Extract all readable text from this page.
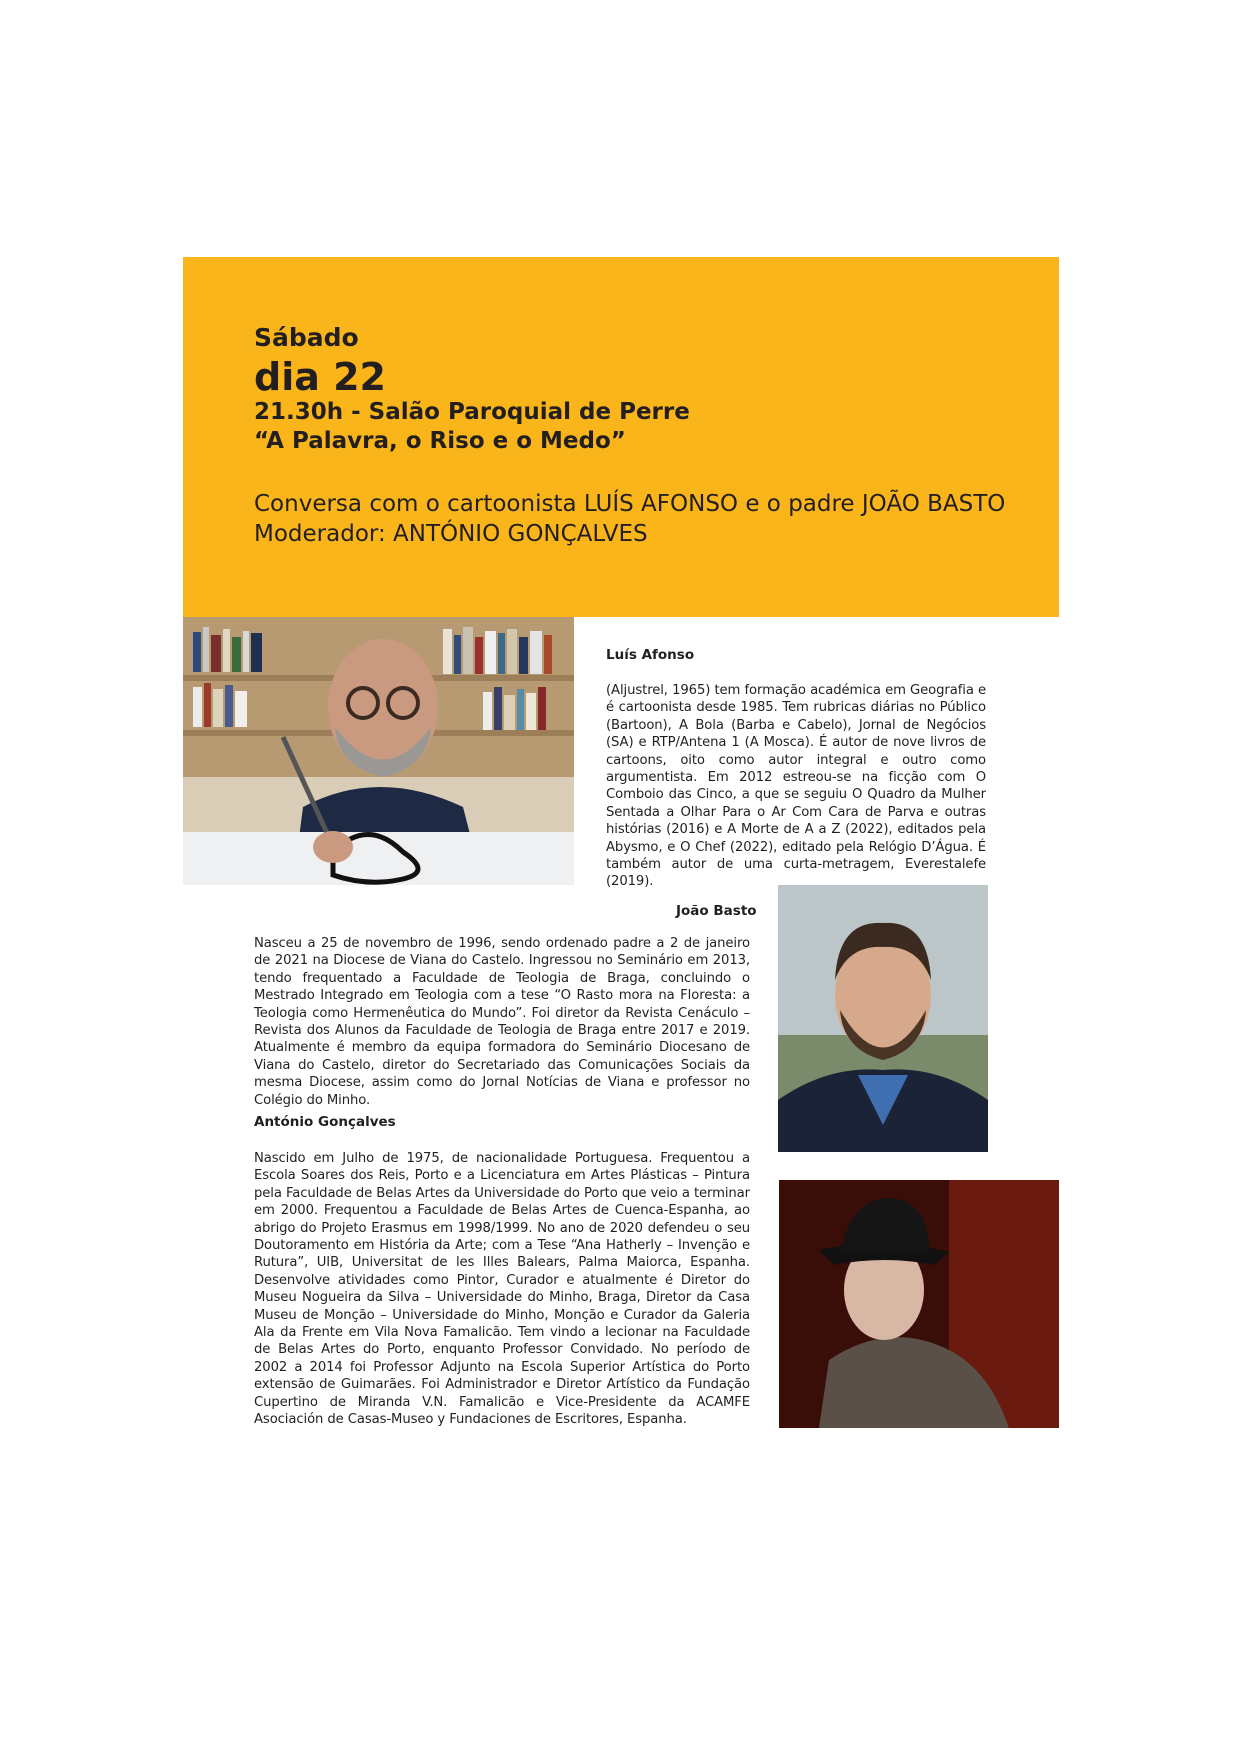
Sábado

dia 22

21.30h - Salão Paroquial de Perre

“A Palavra, o Riso e o Medo”

Conversa com o cartoonista LUÍS AFONSO e o padre JOÃO BASTO

Moderador: ANTÓNIO GONÇALVES

Luís Afonso

(Aljustrel, 1965) tem formação académica em Geografia e é cartoonista desde 1985. Tem rubricas diárias no Público (Bartoon), A Bola (Barba e Cabelo), Jornal de Negócios (SA) e RTP/Antena 1 (A Mosca). É autor de nove livros de cartoons, oito como autor integral e outro como argumentista. Em 2012 estreou-se na ficção com O Comboio das Cinco, a que se seguiu O Quadro da Mulher Sentada a Olhar Para o Ar Com Cara de Parva e outras histórias (2016) e A Morte de A a Z (2022), editados pela Abysmo, e O Chef (2022), editado pela Relógio D’Água. É também autor de uma curta-metragem, Everestalefe (2019).

João Basto

Nasceu a 25 de novembro de 1996, sendo ordenado padre a 2 de janeiro de 2021 na Diocese de Viana do Castelo. Ingressou no Seminário em 2013, tendo frequentado a Faculdade de Teologia de Braga, concluindo o Mestrado Integrado em Teologia com a tese “O Rasto mora na Floresta: a Teologia como Hermenêutica do Mundo”. Foi diretor da Revista Cenáculo – Revista dos Alunos da Faculdade de Teologia de Braga entre 2017 e 2019. Atualmente é membro da equipa formadora do Seminário Diocesano de Viana do Castelo, diretor do Secretariado das Comunicações Sociais da mesma Diocese, assim como do Jornal Notícias de Viana e professor no Colégio do Minho.

António Gonçalves

Nascido em Julho de 1975, de nacionalidade Portuguesa. Frequentou a Escola Soares dos Reis, Porto e a Licenciatura em Artes Plásticas – Pintura pela Faculdade de Belas Artes da Universidade do Porto que veio a terminar em 2000. Frequentou a Faculdade de Belas Artes de Cuenca-Espanha, ao abrigo do Projeto Erasmus em 1998/1999. No ano de 2020 defendeu o seu Doutoramento em História da Arte; com a Tese “Ana Hatherly – Invenção e Rutura”, UIB, Universitat de les Illes Balears, Palma Maiorca, Espanha. Desenvolve atividades como Pintor, Curador e atualmente é Diretor do Museu Nogueira da Silva – Universidade do Minho, Braga, Diretor da Casa Museu de Monção – Universidade do Minho, Monção e Curador da Galeria Ala da Frente em Vila Nova Famalicão. Tem vindo a lecionar na Faculdade de Belas Artes do Porto, enquanto Professor Convidado. No período de 2002 a 2014 foi Professor Adjunto na Escola Superior Artística do Porto extensão de Guimarães. Foi Administrador e Diretor Artístico da Fundação Cupertino de Miranda V.N. Famalicão e Vice-Presidente da ACAMFE Asociación de Casas-Museo y Fundaciones de Escritores, Espanha.
